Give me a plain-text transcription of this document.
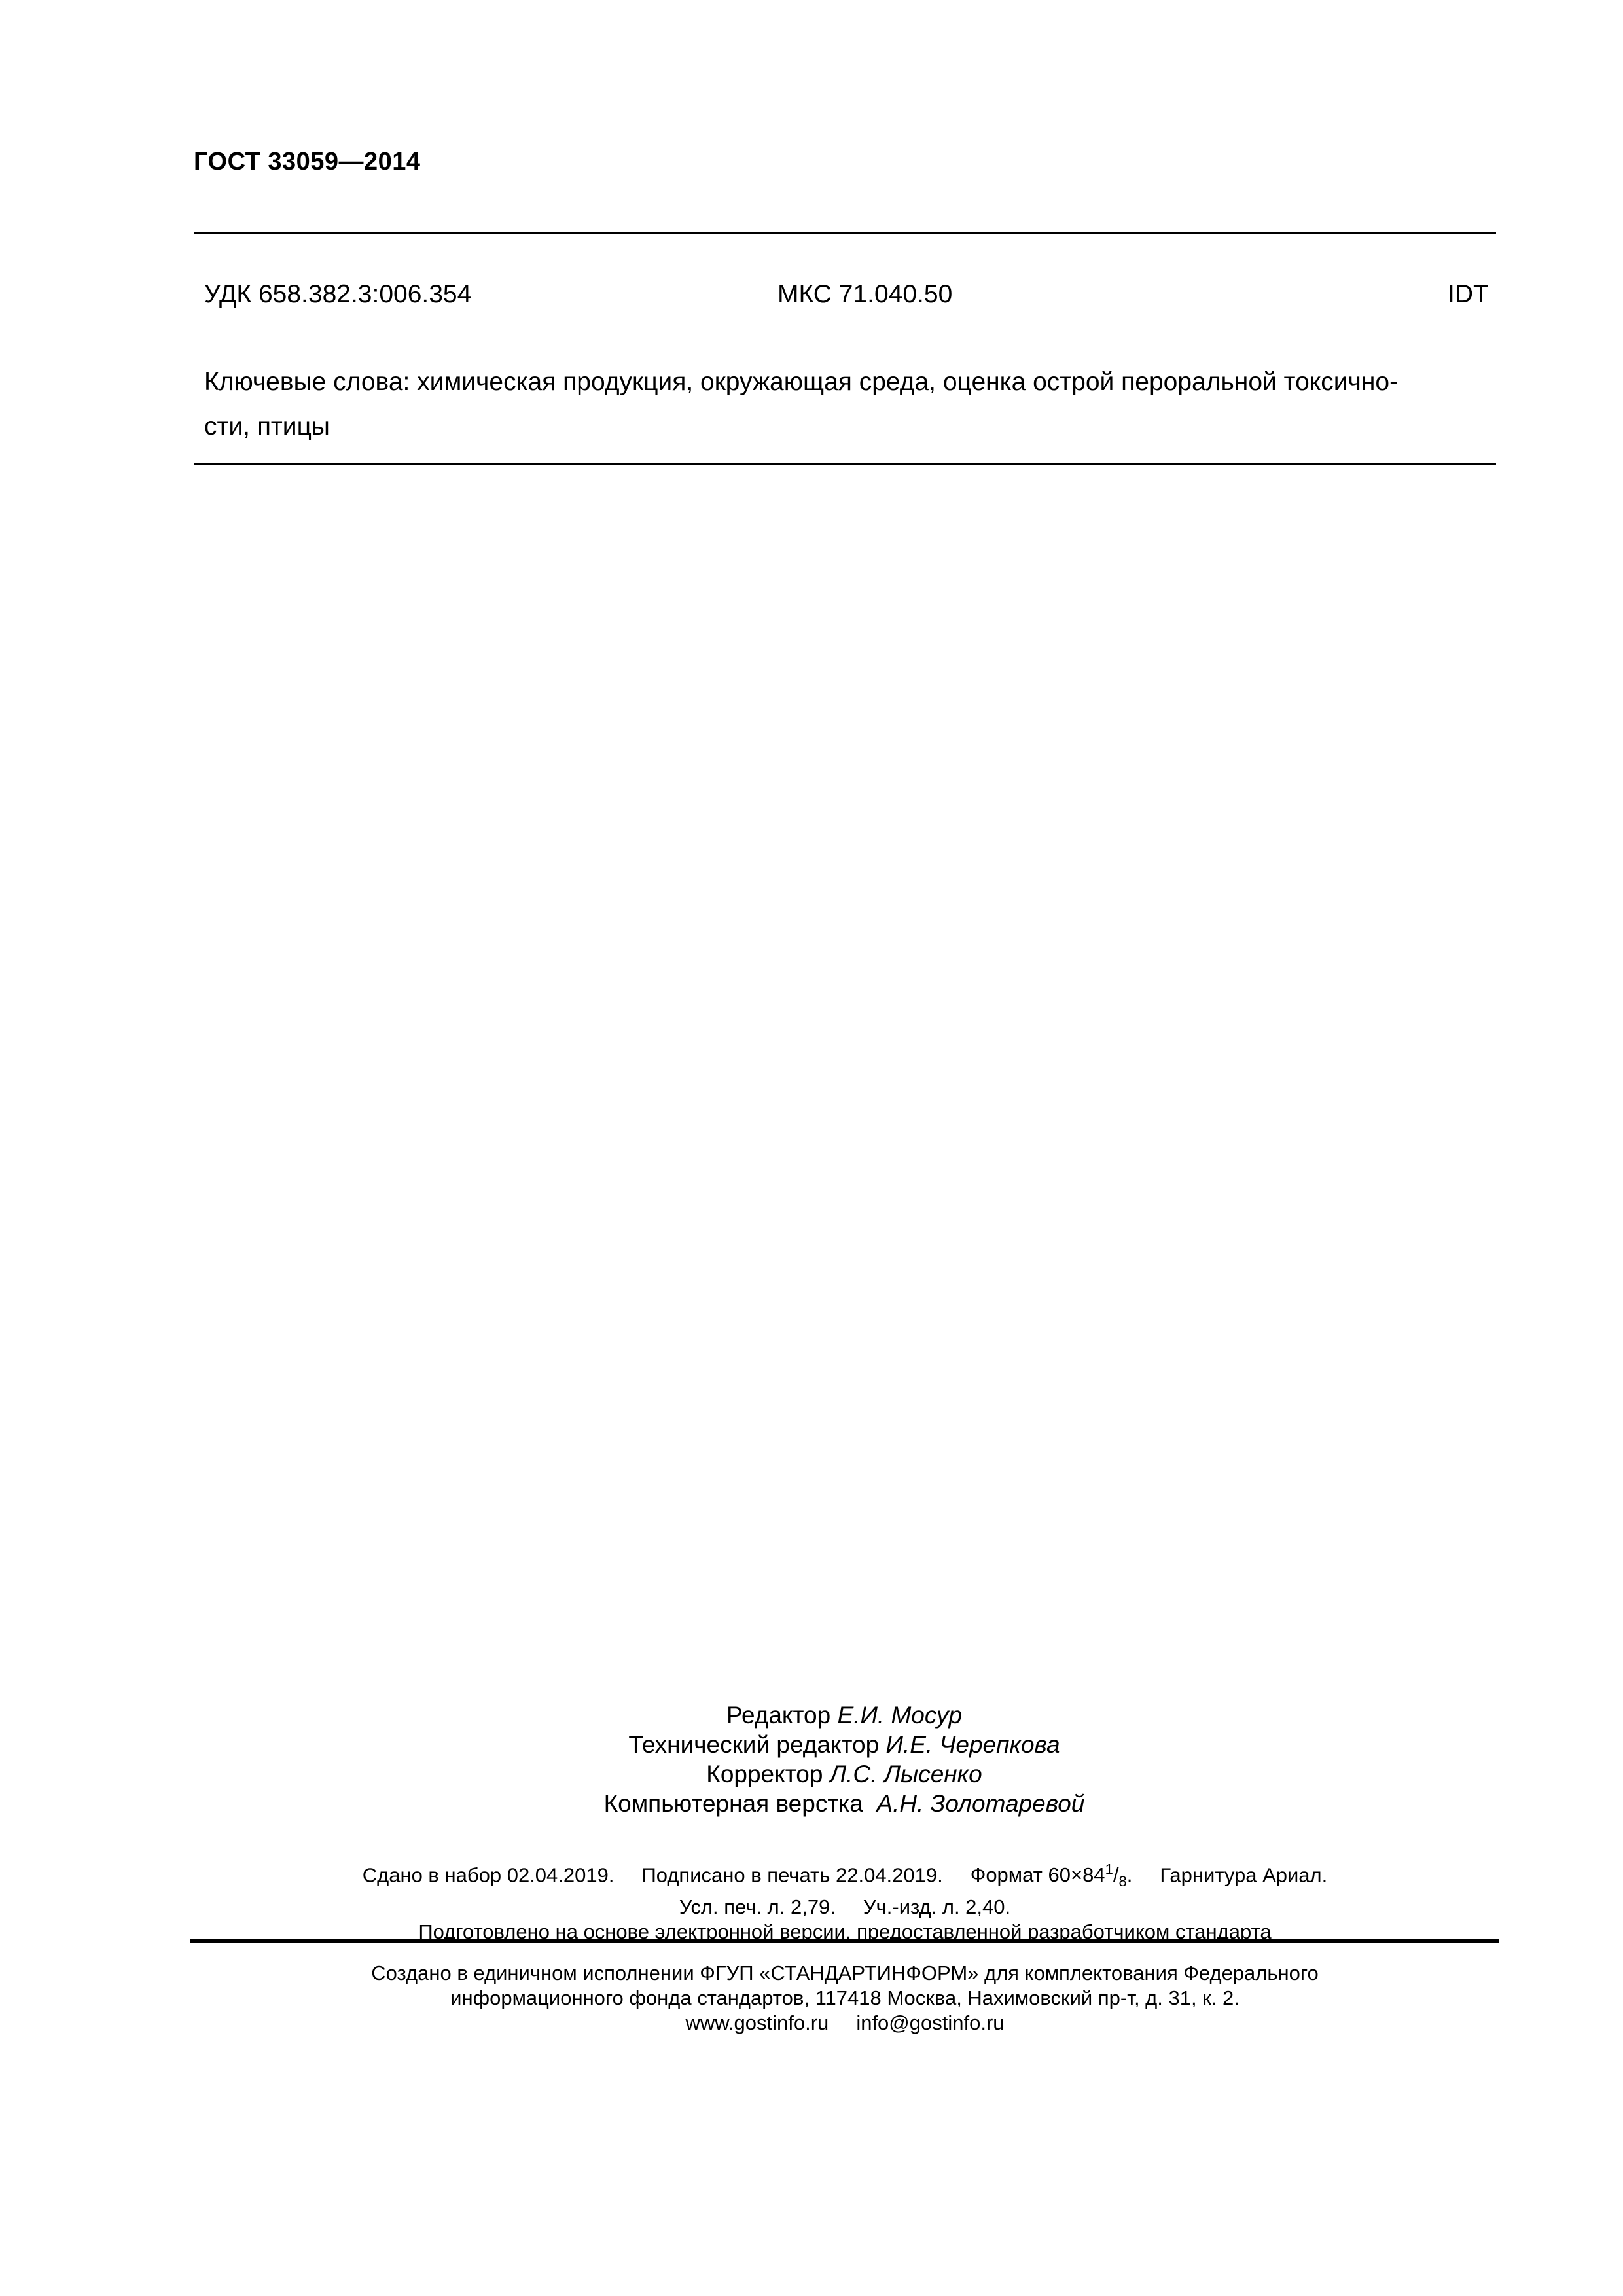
ГОСТ 33059—2014
УДК 658.382.3:006.354	МКС 71.040.50	IDT
Ключевые слова: химическая продукция, окружающая среда, оценка острой пероральной токсично-
сти, птицы
Редактор Е.И. Мосур
Технический редактор И.Е. Черепкова
Корректор Л.С. Лысенко
Компьютерная верстка А.Н. Золотаревой
Сдано в набор 02.04.2019. Подписано в печать 22.04.2019. Формат $60\times 84^1/_8$. Гарнитура Ариал.
Усл. печ. л. 2,79. Уч.-изд. л. 2,40.
Подготовлено на основе электронной версии, предоставленной разработчиком стандарта
Создано в единичном исполнении ФГУП «СТАНДАРТИНФОРМ» для комплектования Федерального
информационного фонда стандартов, 117418 Москва, Нахимовский пр-т, д. 31, к. 2.
www.gostinfo.ru info@gostinfo.ru
